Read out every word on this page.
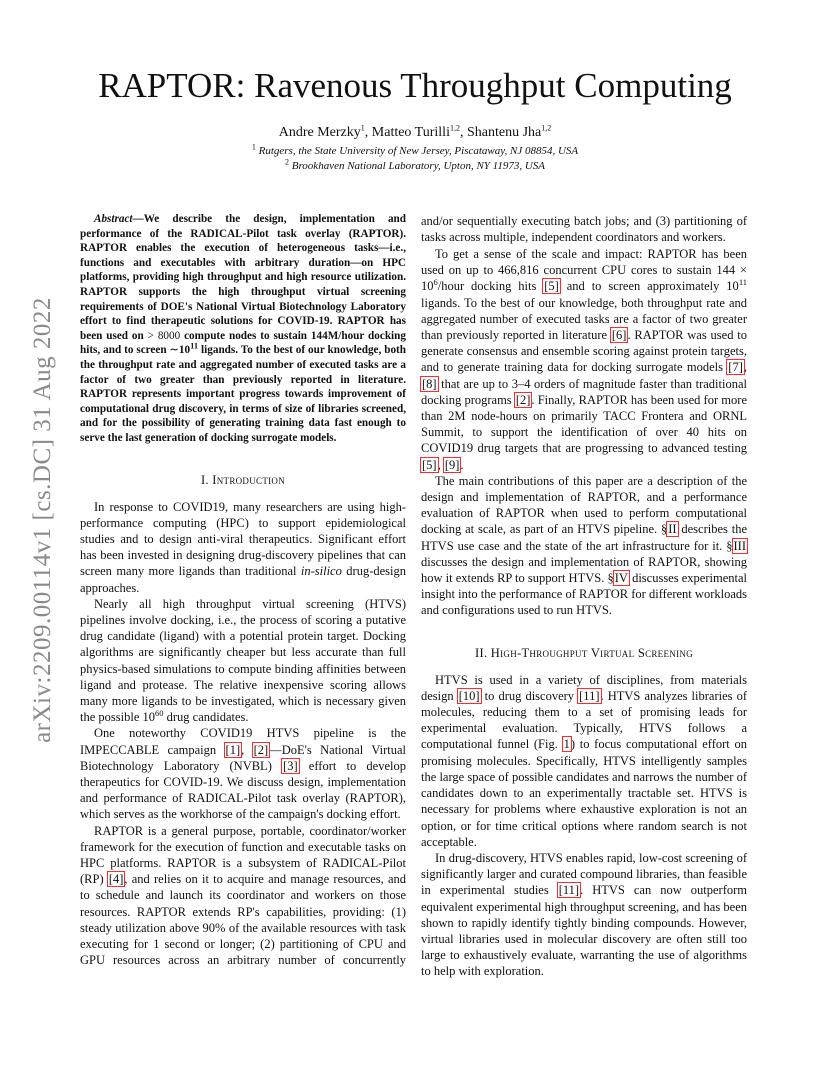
arXiv:2209.00114v1 [cs.DC] 31 Aug 2022
RAPTOR: Ravenous Throughput Computing
Andre Merzky$^1$, Matteo Turilli$^{1,2}$, Shantenu Jha$^{1,2}$
$^1$ Rutgers, the State University of New Jersey, Piscataway, NJ 08854, USA
$^2$ Brookhaven National Laboratory, Upton, NY 11973, USA

Abstract—We describe the design, implementation and performance of the RADICAL-Pilot task overlay (RAPTOR). RAPTOR enables the execution of heterogeneous tasks—i.e., functions and executables with arbitrary duration—on HPC platforms, providing high throughput and high resource utilization. RAPTOR supports the high throughput virtual screening requirements of DOE's National Virtual Biotechnology Laboratory effort to find therapeutic solutions for COVID-19. RAPTOR has been used on > 8000 compute nodes to sustain 144M/hour docking hits, and to screen $\sim 10^{11}$ ligands. To the best of our knowledge, both the throughput rate and aggregated number of executed tasks are a factor of two greater than previously reported in literature. RAPTOR represents important progress towards improvement of computational drug discovery, in terms of size of libraries screened, and for the possibility of generating training data fast enough to serve the last generation of docking surrogate models.

I. Introduction

In response to COVID19, many researchers are using high-performance computing (HPC) to support epidemiological studies and to design anti-viral therapeutics. Significant effort has been invested in designing drug-discovery pipelines that can screen many more ligands than traditional in-silico drug-design approaches.

Nearly all high throughput virtual screening (HTVS) pipelines involve docking, i.e., the process of scoring a putative drug candidate (ligand) with a potential protein target. Docking algorithms are significantly cheaper but less accurate than full physics-based simulations to compute binding affinities between ligand and protease. The relative inexpensive scoring allows many more ligands to be investigated, which is necessary given the possible $10^{60}$ drug candidates.

One noteworthy COVID19 HTVS pipeline is the IMPECCABLE campaign [1], [2]—DoE's National Virtual Biotechnology Laboratory (NVBL) [3] effort to develop therapeutics for COVID-19. We discuss design, implementation and performance of RADICAL-Pilot task overlay (RAPTOR), which serves as the workhorse of the campaign's docking effort.

RAPTOR is a general purpose, portable, coordinator/worker framework for the execution of function and executable tasks on HPC platforms. RAPTOR is a subsystem of RADICAL-Pilot (RP) [4], and relies on it to acquire and manage resources, and to schedule and launch its coordinator and workers on those resources. RAPTOR extends RP's capabilities, providing: (1) steady utilization above 90% of the available resources with task executing for 1 second or longer; (2) partitioning of CPU and GPU resources across an arbitrary number of concurrently

and/or sequentially executing batch jobs; and (3) partitioning of tasks across multiple, independent coordinators and workers.

To get a sense of the scale and impact: RAPTOR has been used on up to 466,816 concurrent CPU cores to sustain $144 \times 10^6$/hour docking hits [5] and to screen approximately $10^{11}$ ligands. To the best of our knowledge, both throughput rate and aggregated number of executed tasks are a factor of two greater than previously reported in literature [6]. RAPTOR was used to generate consensus and ensemble scoring against protein targets, and to generate training data for docking surrogate models [7], [8] that are up to 3–4 orders of magnitude faster than traditional docking programs [2]. Finally, RAPTOR has been used for more than 2M node-hours on primarily TACC Frontera and ORNL Summit, to support the identification of over 40 hits on COVID19 drug targets that are progressing to advanced testing [5], [9].

The main contributions of this paper are a description of the design and implementation of RAPTOR, and a performance evaluation of RAPTOR when used to perform computational docking at scale, as part of an HTVS pipeline. §II describes the HTVS use case and the state of the art infrastructure for it. §III discusses the design and implementation of RAPTOR, showing how it extends RP to support HTVS. §IV discusses experimental insight into the performance of RAPTOR for different workloads and configurations used to run HTVS.

II. High-Throughput Virtual Screening

HTVS is used in a variety of disciplines, from materials design [10] to drug discovery [11]. HTVS analyzes libraries of molecules, reducing them to a set of promising leads for experimental evaluation. Typically, HTVS follows a computational funnel (Fig. 1) to focus computational effort on promising molecules. Specifically, HTVS intelligently samples the large space of possible candidates and narrows the number of candidates down to an experimentally tractable set. HTVS is necessary for problems where exhaustive exploration is not an option, or for time critical options where random search is not acceptable.

In drug-discovery, HTVS enables rapid, low-cost screening of significantly larger and curated compound libraries, than feasible in experimental studies [11]. HTVS can now outperform equivalent experimental high throughput screening, and has been shown to rapidly identify tightly binding compounds. However, virtual libraries used in molecular discovery are often still too large to exhaustively evaluate, warranting the use of algorithms to help with exploration.
